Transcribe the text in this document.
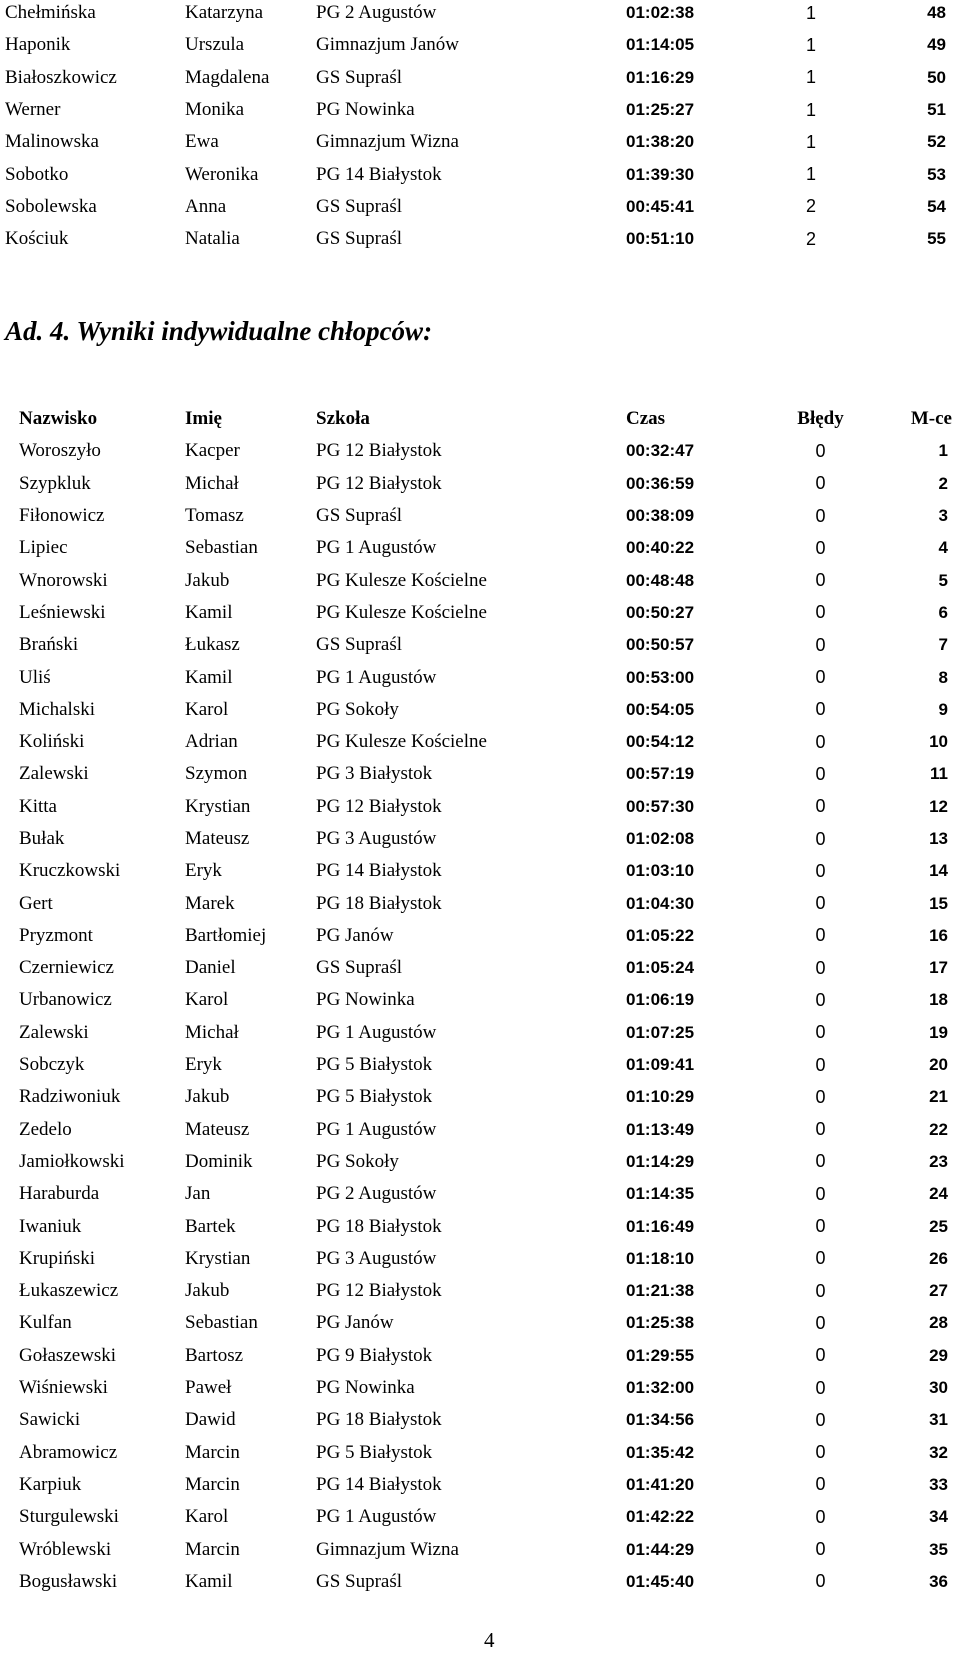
Chełmińska	Katarzyna	PG 2 Augustów	01:02:38	1	48
Haponik	Urszula	Gimnazjum Janów	01:14:05	1	49
Białoszkowicz	Magdalena	GS Supraśl	01:16:29	1	50
Werner	Monika	PG Nowinka	01:25:27	1	51
Malinowska	Ewa	Gimnazjum Wizna	01:38:20	1	52
Sobotko	Weronika	PG 14 Białystok	01:39:30	1	53
Sobolewska	Anna	GS Supraśl	00:45:41	2	54
Kościuk	Natalia	GS Supraśl	00:51:10	2	55
Ad. 4. Wyniki indywidualne chłopców:
Nazwisko	Imię	Szkoła	Czas	Błędy	M-ce
Woroszyło	Kacper	PG 12 Białystok	00:32:47	0	1
Szypkluk	Michał	PG 12 Białystok	00:36:59	0	2
Fiłonowicz	Tomasz	GS Supraśl	00:38:09	0	3
Lipiec	Sebastian	PG 1 Augustów	00:40:22	0	4
Wnorowski	Jakub	PG Kulesze Kościelne	00:48:48	0	5
Leśniewski	Kamil	PG Kulesze Kościelne	00:50:27	0	6
Brański	Łukasz	GS Supraśl	00:50:57	0	7
Uliś	Kamil	PG 1 Augustów	00:53:00	0	8
Michalski	Karol	PG Sokoły	00:54:05	0	9
Koliński	Adrian	PG Kulesze Kościelne	00:54:12	0	10
Zalewski	Szymon	PG 3 Białystok	00:57:19	0	11
Kitta	Krystian	PG 12 Białystok	00:57:30	0	12
Bułak	Mateusz	PG 3 Augustów	01:02:08	0	13
Kruczkowski	Eryk	PG 14 Białystok	01:03:10	0	14
Gert	Marek	PG 18 Białystok	01:04:30	0	15
Pryzmont	Bartłomiej	PG Janów	01:05:22	0	16
Czerniewicz	Daniel	GS Supraśl	01:05:24	0	17
Urbanowicz	Karol	PG Nowinka	01:06:19	0	18
Zalewski	Michał	PG 1 Augustów	01:07:25	0	19
Sobczyk	Eryk	PG 5 Białystok	01:09:41	0	20
Radziwoniuk	Jakub	PG 5 Białystok	01:10:29	0	21
Zedelo	Mateusz	PG 1 Augustów	01:13:49	0	22
Jamiołkowski	Dominik	PG Sokoły	01:14:29	0	23
Haraburda	Jan	PG 2 Augustów	01:14:35	0	24
Iwaniuk	Bartek	PG 18 Białystok	01:16:49	0	25
Krupiński	Krystian	PG 3 Augustów	01:18:10	0	26
Łukaszewicz	Jakub	PG 12 Białystok	01:21:38	0	27
Kulfan	Sebastian	PG Janów	01:25:38	0	28
Gołaszewski	Bartosz	PG 9 Białystok	01:29:55	0	29
Wiśniewski	Paweł	PG Nowinka	01:32:00	0	30
Sawicki	Dawid	PG 18 Białystok	01:34:56	0	31
Abramowicz	Marcin	PG 5 Białystok	01:35:42	0	32
Karpiuk	Marcin	PG 14 Białystok	01:41:20	0	33
Sturgulewski	Karol	PG 1 Augustów	01:42:22	0	34
Wróblewski	Marcin	Gimnazjum Wizna	01:44:29	0	35
Bogusławski	Kamil	GS Supraśl	01:45:40	0	36
4
